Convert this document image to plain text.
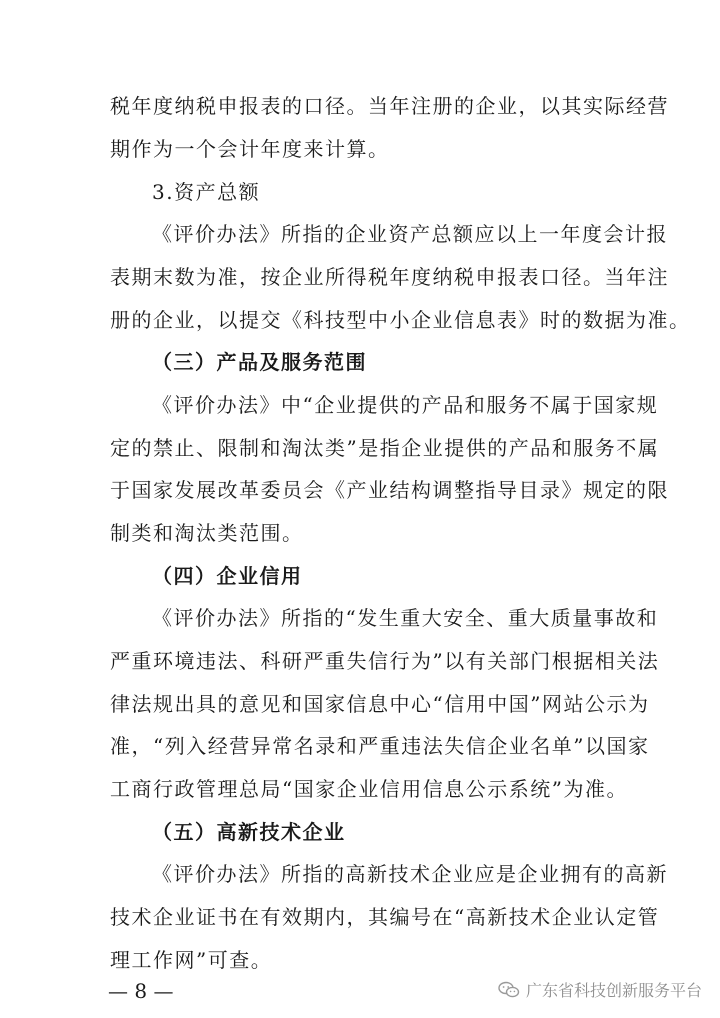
税年度纳税申报表的口径。当年注册的企业，以其实际经营
期作为一个会计年度来计算。
3.资产总额
《评价办法》所指的企业资产总额应以上一年度会计报
表期末数为准，按企业所得税年度纳税申报表口径。当年注
册的企业，以提交《科技型中小企业信息表》时的数据为准。
（三）产品及服务范围
《评价办法》中“企业提供的产品和服务不属于国家规
定的禁止、限制和淘汰类”是指企业提供的产品和服务不属
于国家发展改革委员会《产业结构调整指导目录》规定的限
制类和淘汰类范围。
（四）企业信用
《评价办法》所指的“发生重大安全、重大质量事故和
严重环境违法、科研严重失信行为”以有关部门根据相关法
律法规出具的意见和国家信息中心“信用中国”网站公示为
准，“列入经营异常名录和严重违法失信企业名单”以国家
工商行政管理总局“国家企业信用信息公示系统”为准。
（五）高新技术企业
《评价办法》所指的高新技术企业应是企业拥有的高新
技术企业证书在有效期内，其编号在“高新技术企业认定管
理工作网”可查。
— 8 —	广东省科技创新服务平台
